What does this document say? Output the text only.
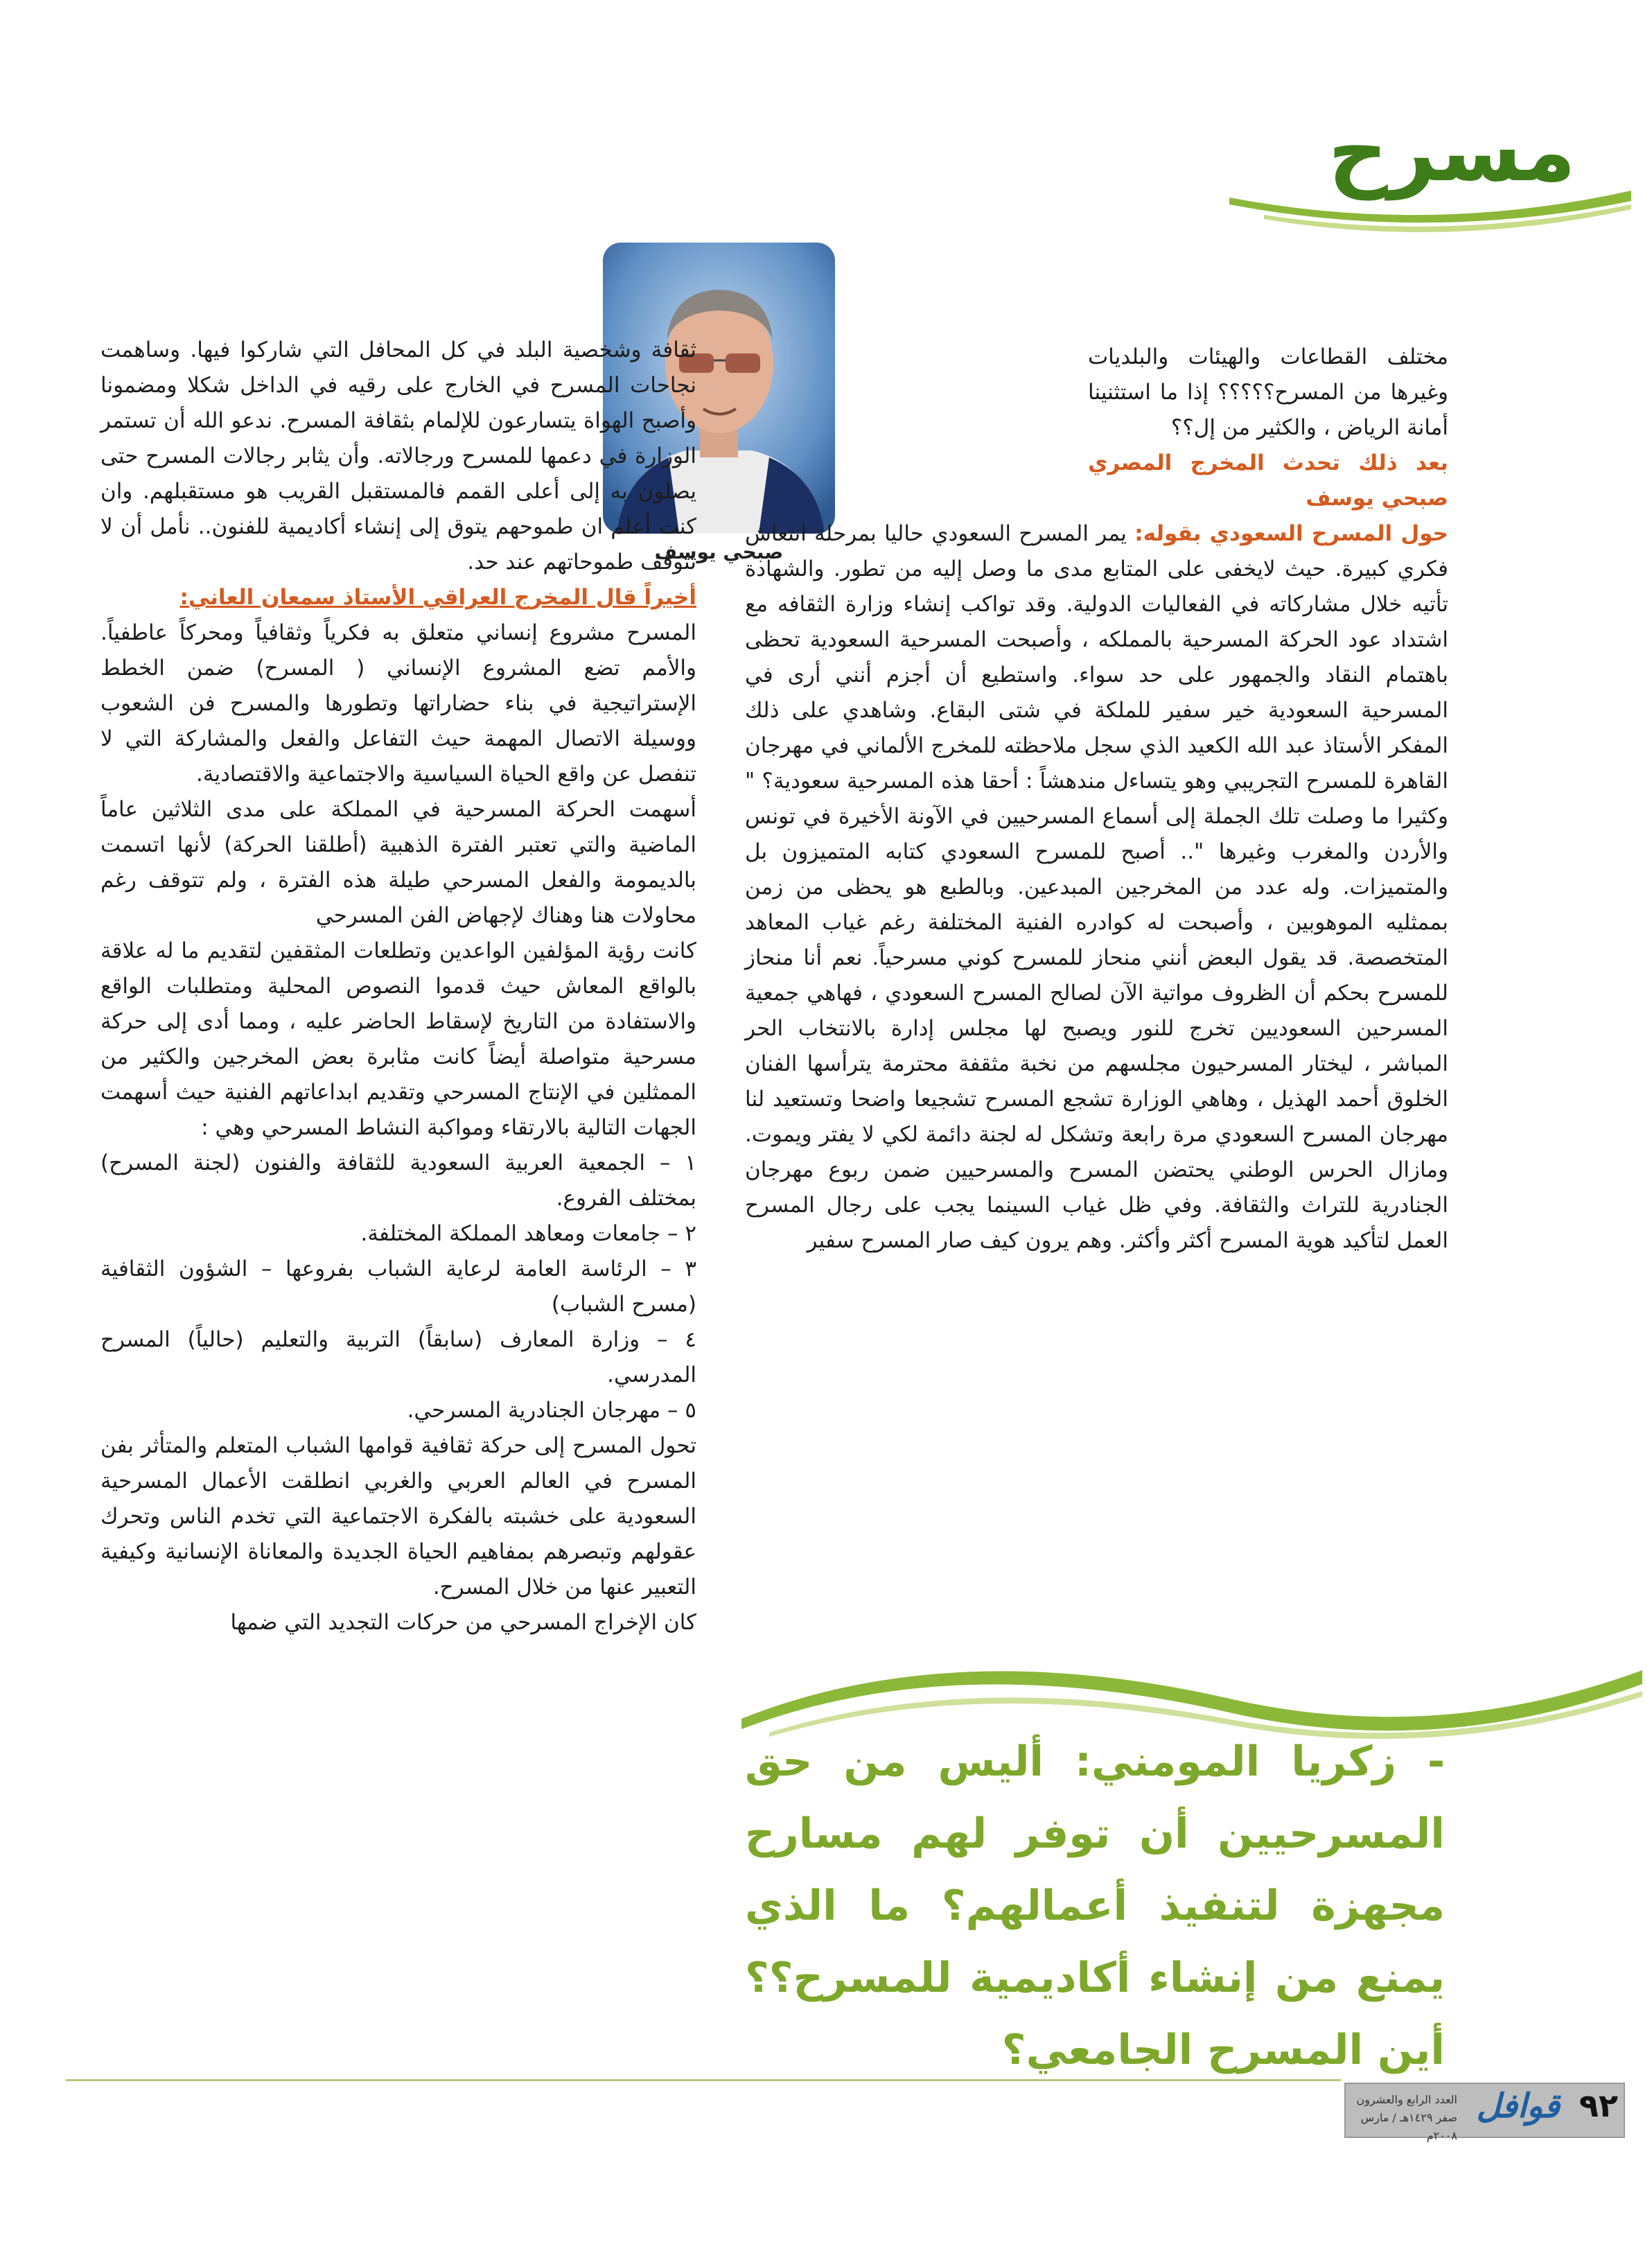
مسرح
صبحي يوسف

مختلف القطاعات والهيئات والبلديات وغيرها من المسرح؟؟؟؟؟ إذا ما استثنينا أمانة الرياض ، والكثير من إل؟؟

بعد ذلك تحدث المخرج المصري صبحي يوسف

حول المسرح السعودي بقوله: يمر المسرح السعودي حاليا بمرحلة انتعاش فكري كبيرة. حيث لايخفى على المتابع مدى ما وصل إليه من تطور. والشهادة تأتيه خلال مشاركاته في الفعاليات الدولية. وقد تواكب إنشاء وزارة الثقافه مع اشتداد عود الحركة المسرحية بالمملكه ، وأصبحت المسرحية السعودية تحظى باهتمام النقاد والجمهور على حد سواء. واستطيع أن أجزم أنني أرى في المسرحية السعودية خير سفير للملكة في شتى البقاع. وشاهدي على ذلك المفكر الأستاذ عبد الله الكعيد الذي سجل ملاحظته للمخرج الألماني في مهرجان القاهرة للمسرح التجريبي وهو يتساءل مندهشاً : أحقا هذه المسرحية سعودية؟ " وكثيرا ما وصلت تلك الجملة إلى أسماع المسرحيين في الآونة الأخيرة في تونس والأردن والمغرب وغيرها ".. أصبح للمسرح السعودي كتابه المتميزون بل والمتميزات. وله عدد من المخرجين المبدعين. وبالطبع هو يحظى من زمن بممثليه الموهوبين ، وأصبحت له كوادره الفنية المختلفة رغم غياب المعاهد المتخصصة. قد يقول البعض أنني منحاز للمسرح كوني مسرحياً. نعم أنا منحاز للمسرح بحكم أن الظروف مواتية الآن لصالح المسرح السعودي ، فهاهي جمعية المسرحين السعوديين تخرج للنور ويصبح لها مجلس إدارة بالانتخاب الحر المباشر ، ليختار المسرحيون مجلسهم من نخبة مثقفة محترمة يترأسها الفنان الخلوق أحمد الهذيل ، وهاهي الوزارة تشجع المسرح تشجيعا واضحا وتستعيد لنا مهرجان المسرح السعودي مرة رابعة وتشكل له لجنة دائمة لكي لا يفتر ويموت. ومازال الحرس الوطني يحتضن المسرح والمسرحيين ضمن ربوع مهرجان الجنادرية للتراث والثقافة. وفي ظل غياب السينما يجب على رجال المسرح العمل لتأكيد هوية المسرح أكثر وأكثر. وهم يرون كيف صار المسرح سفير

ثقافة وشخصية البلد في كل المحافل التي شاركوا فيها. وساهمت نجاحات المسرح في الخارج على رقيه في الداخل شكلا ومضمونا وأصبح الهواة يتسارعون للإلمام بثقافة المسرح. ندعو الله أن تستمر الوزارة في دعمها للمسرح ورجالاته. وأن يثابر رجالات المسرح حتى يصلون به إلى أعلى القمم فالمستقبل القريب هو مستقبلهم. وان كنت أعلم ان طموحهم يتوق إلى إنشاء أكاديمية للفنون.. نأمل أن لا تتوقف طموحاتهم عند حد.

أخيراً قال المخرج العراقي الأستاذ سمعان العاني:

المسرح مشروع إنساني متعلق به فكرياً وثقافياً ومحركاً عاطفياً. والأمم تضع المشروع الإنساني ( المسرح) ضمن الخطط الإستراتيجية في بناء حضاراتها وتطورها والمسرح فن الشعوب ووسيلة الاتصال المهمة حيث التفاعل والفعل والمشاركة التي لا تنفصل عن واقع الحياة السياسية والاجتماعية والاقتصادية.

أسهمت الحركة المسرحية في المملكة على مدى الثلاثين عاماً الماضية والتي تعتبر الفترة الذهبية (أطلقنا الحركة) لأنها اتسمت بالديمومة والفعل المسرحي طيلة هذه الفترة ، ولم تتوقف رغم محاولات هنا وهناك لإجهاض الفن المسرحي

كانت رؤية المؤلفين الواعدين وتطلعات المثقفين لتقديم ما له علاقة بالواقع المعاش حيث قدموا النصوص المحلية ومتطلبات الواقع والاستفادة من التاريخ لإسقاط الحاضر عليه ، ومما أدى إلى حركة مسرحية متواصلة أيضاً كانت مثابرة بعض المخرجين والكثير من الممثلين في الإنتاج المسرحي وتقديم ابداعاتهم الفنية حيث أسهمت الجهات التالية بالارتقاء ومواكبة النشاط المسرحي وهي :

١ – الجمعية العربية السعودية للثقافة والفنون (لجنة المسرح) بمختلف الفروع.

٢ – جامعات ومعاهد المملكة المختلفة.

٣ – الرئاسة العامة لرعاية الشباب بفروعها – الشؤون الثقافية (مسرح الشباب)

٤ – وزارة المعارف (سابقاً) التربية والتعليم (حالياً) المسرح المدرسي.

٥ – مهرجان الجنادرية المسرحي.

تحول المسرح إلى حركة ثقافية قوامها الشباب المتعلم والمتأثر بفن المسرح في العالم العربي والغربي انطلقت الأعمال المسرحية السعودية على خشبته بالفكرة الاجتماعية التي تخدم الناس وتحرك عقولهم وتبصرهم بمفاهيم الحياة الجديدة والمعاناة الإنسانية وكيفية التعبير عنها من خلال المسرح.

كان الإخراج المسرحي من حركات التجديد التي ضمها

- زكريا المومني: أليس من حق المسرحيين أن توفر لهم مسارح مجهزة لتنفيذ أعمالهم؟ ما الذي يمنع من إنشاء أكاديمية للمسرح؟؟ أين المسرح الجامعي؟
٩٢
قوافل
العدد الرابع والعشرون
صفر ١٤٢٩هـ / مارس ٢٠٠٨م
